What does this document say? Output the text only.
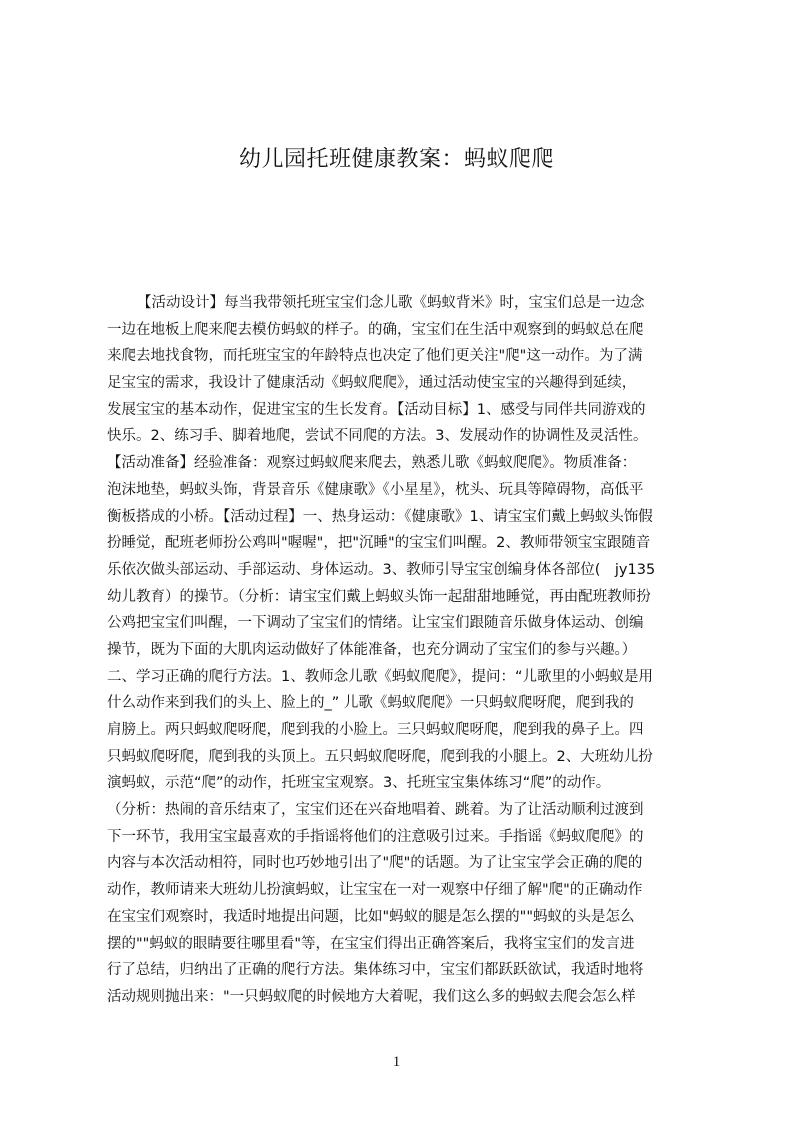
幼儿园托班健康教案：蚂蚁爬爬
【活动设计】每当我带领托班宝宝们念儿歌《蚂蚁背米》时，宝宝们总是一边念
一边在地板上爬来爬去模仿蚂蚁的样子。的确，宝宝们在生活中观察到的蚂蚁总在爬
来爬去地找食物，而托班宝宝的年龄特点也决定了他们更关注"爬"这一动作。为了满
足宝宝的需求，我设计了健康活动《蚂蚁爬爬》，通过活动使宝宝的兴趣得到延续，
发展宝宝的基本动作，促进宝宝的生长发育。【活动目标】1、感受与同伴共同游戏的
快乐。2、练习手、脚着地爬，尝试不同爬的方法。3、发展动作的协调性及灵活性。
【活动准备】经验准备：观察过蚂蚁爬来爬去，熟悉儿歌《蚂蚁爬爬》。物质准备：
泡沫地垫，蚂蚁头饰，背景音乐《健康歌》《小星星》，枕头、玩具等障碍物，高低平
衡板搭成的小桥。【活动过程】一、热身运动：《健康歌》1、请宝宝们戴上蚂蚁头饰假
扮睡觉，配班老师扮公鸡叫"喔喔"，把"沉睡"的宝宝们叫醒。2、教师带领宝宝跟随音
乐依次做头部运动、手部运动、身体运动。3、教师引导宝宝创编身体各部位(　jy135
幼儿教育）的操节。（分析：请宝宝们戴上蚂蚁头饰一起甜甜地睡觉，再由配班教师扮
公鸡把宝宝们叫醒，一下调动了宝宝们的情绪。让宝宝们跟随音乐做身体运动、创编
操节，既为下面的大肌肉运动做好了体能准备，也充分调动了宝宝们的参与兴趣。）
二、学习正确的爬行方法。1、教师念儿歌《蚂蚁爬爬》，提问：“儿歌里的小蚂蚁是用
什么动作来到我们的头上、脸上的_” 儿歌《蚂蚁爬爬》一只蚂蚁爬呀爬，爬到我的
肩膀上。两只蚂蚁爬呀爬，爬到我的小脸上。三只蚂蚁爬呀爬，爬到我的鼻子上。四
只蚂蚁爬呀爬，爬到我的头顶上。五只蚂蚁爬呀爬，爬到我的小腿上。2、大班幼儿扮
演蚂蚁，示范“爬”的动作，托班宝宝观察。3、托班宝宝集体练习“爬”的动作。
（分析：热闹的音乐结束了，宝宝们还在兴奋地唱着、跳着。为了让活动顺利过渡到
下一环节，我用宝宝最喜欢的手指谣将他们的注意吸引过来。手指谣《蚂蚁爬爬》的
内容与本次活动相符，同时也巧妙地引出了"爬"的话题。为了让宝宝学会正确的爬的
动作，教师请来大班幼儿扮演蚂蚁，让宝宝在一对一观察中仔细了解"爬"的正确动作
在宝宝们观察时，我适时地提出问题，比如"蚂蚁的腿是怎么摆的""蚂蚁的头是怎么
摆的""蚂蚁的眼睛要往哪里看"等，在宝宝们得出正确答案后，我将宝宝们的发言进
行了总结，归纳出了正确的爬行方法。集体练习中，宝宝们都跃跃欲试，我适时地将
活动规则抛出来："一只蚂蚁爬的时候地方大着呢，我们这么多的蚂蚁去爬会怎么样
1
